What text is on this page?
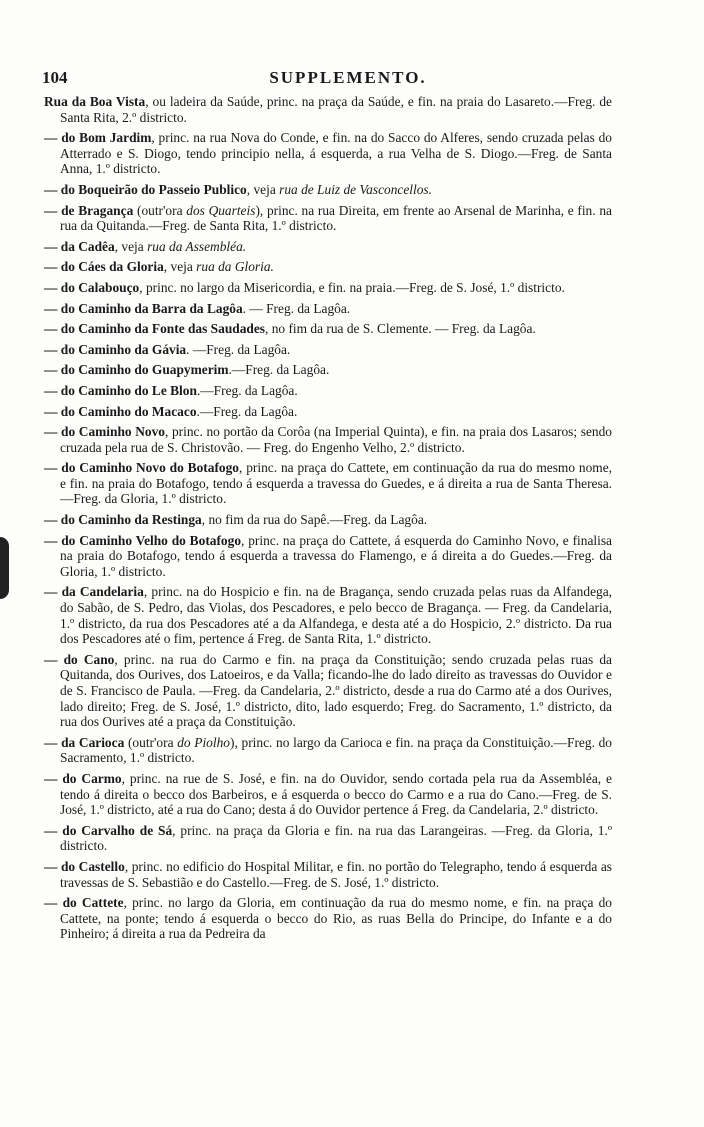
104	SUPPLEMENTO.

Rua da Boa Vista, ou ladeira da Saúde, princ. na praça da Saúde, e fin. na praia do Lasareto.—Freg. de Santa Rita, 2.º districto.

— do Bom Jardim, princ. na rua Nova do Conde, e fin. na do Sacco do Alferes, sendo cruzada pelas do Atterrado e S. Diogo, tendo principio nella, á esquerda, a rua Velha de S. Diogo.—Freg. de Santa Anna, 1.º districto.

— do Boqueirão do Passeio Publico, veja rua de Luiz de Vasconcellos.

— de Bragança (outr'ora dos Quarteis), princ. na rua Direita, em frente ao Arsenal de Marinha, e fin. na rua da Quitanda.—Freg. de Santa Rita, 1.º districto.

— da Cadêa, veja rua da Assembléa.

— do Cáes da Gloria, veja rua da Gloria.

— do Calabouço, princ. no largo da Misericordia, e fin. na praia.—Freg. de S. José, 1.º districto.

— do Caminho da Barra da Lagôa. — Freg. da Lagôa.

— do Caminho da Fonte das Saudades, no fim da rua de S. Clemente. — Freg. da Lagôa.

— do Caminho da Gávia. —Freg. da Lagôa.

— do Caminho do Guapymerim.—Freg. da Lagôa.

— do Caminho do Le Blon.—Freg. da Lagôa.

— do Caminho do Macaco.—Freg. da Lagôa.

— do Caminho Novo, princ. no portão da Corôa (na Imperial Quinta), e fin. na praia dos Lasaros; sendo cruzada pela rua de S. Christovão. — Freg. do Engenho Velho, 2.º districto.

— do Caminho Novo do Botafogo, princ. na praça do Cattete, em continuação da rua do mesmo nome, e fin. na praia do Botafogo, tendo á esquerda a travessa do Guedes, e á direita a rua de Santa Theresa.—Freg. da Gloria, 1.º districto.

— do Caminho da Restinga, no fim da rua do Sapê.—Freg. da Lagôa.

— do Caminho Velho do Botafogo, princ. na praça do Cattete, á esquerda do Caminho Novo, e finalisa na praia do Botafogo, tendo á esquerda a travessa do Flamengo, e á direita a do Guedes.—Freg. da Gloria, 1.º districto.

— da Candelaria, princ. na do Hospicio e fin. na de Bragança, sendo cruzada pelas ruas da Alfandega, do Sabão, de S. Pedro, das Violas, dos Pescadores, e pelo becco de Bragança. — Freg. da Candelaria, 1.º districto, da rua dos Pescadores até a da Alfandega, e desta até a do Hospicio, 2.º districto. Da rua dos Pescadores até o fim, pertence á Freg. de Santa Rita, 1.º districto.

— do Cano, princ. na rua do Carmo e fin. na praça da Constituição; sendo cruzada pelas ruas da Quitanda, dos Ourives, dos Latoeiros, e da Valla; ficando-lhe do lado direito as travessas do Ouvidor e de S. Francisco de Paula. —Freg. da Candelaria, 2.º districto, desde a rua do Carmo até a dos Ourives, lado direito; Freg. de S. José, 1.º districto, dito, lado esquerdo; Freg. do Sacramento, 1.º districto, da rua dos Ourives até a praça da Constituição.

— da Carioca (outr'ora do Piolho), princ. no largo da Carioca e fin. na praça da Constituição.—Freg. do Sacramento, 1.º districto.

— do Carmo, princ. na rue de S. José, e fin. na do Ouvidor, sendo cortada pela rua da Assembléa, e tendo á direita o becco dos Barbeiros, e á esquerda o becco do Carmo e a rua do Cano.—Freg. de S. José, 1.º districto, até a rua do Cano; desta á do Ouvidor pertence á Freg. da Candelaria, 2.º districto.

— do Carvalho de Sá, princ. na praça da Gloria e fin. na rua das Larangeiras. —Freg. da Gloria, 1.º districto.

— do Castello, princ. no edificio do Hospital Militar, e fin. no portão do Telegrapho, tendo á esquerda as travessas de S. Sebastião e do Castello.—Freg. de S. José, 1.º districto.

— do Cattete, princ. no largo da Gloria, em continuação da rua do mesmo nome, e fin. na praça do Cattete, na ponte; tendo á esquerda o becco do Rio, as ruas Bella do Principe, do Infante e a do Pinheiro; á direita a rua da Pedreira da
